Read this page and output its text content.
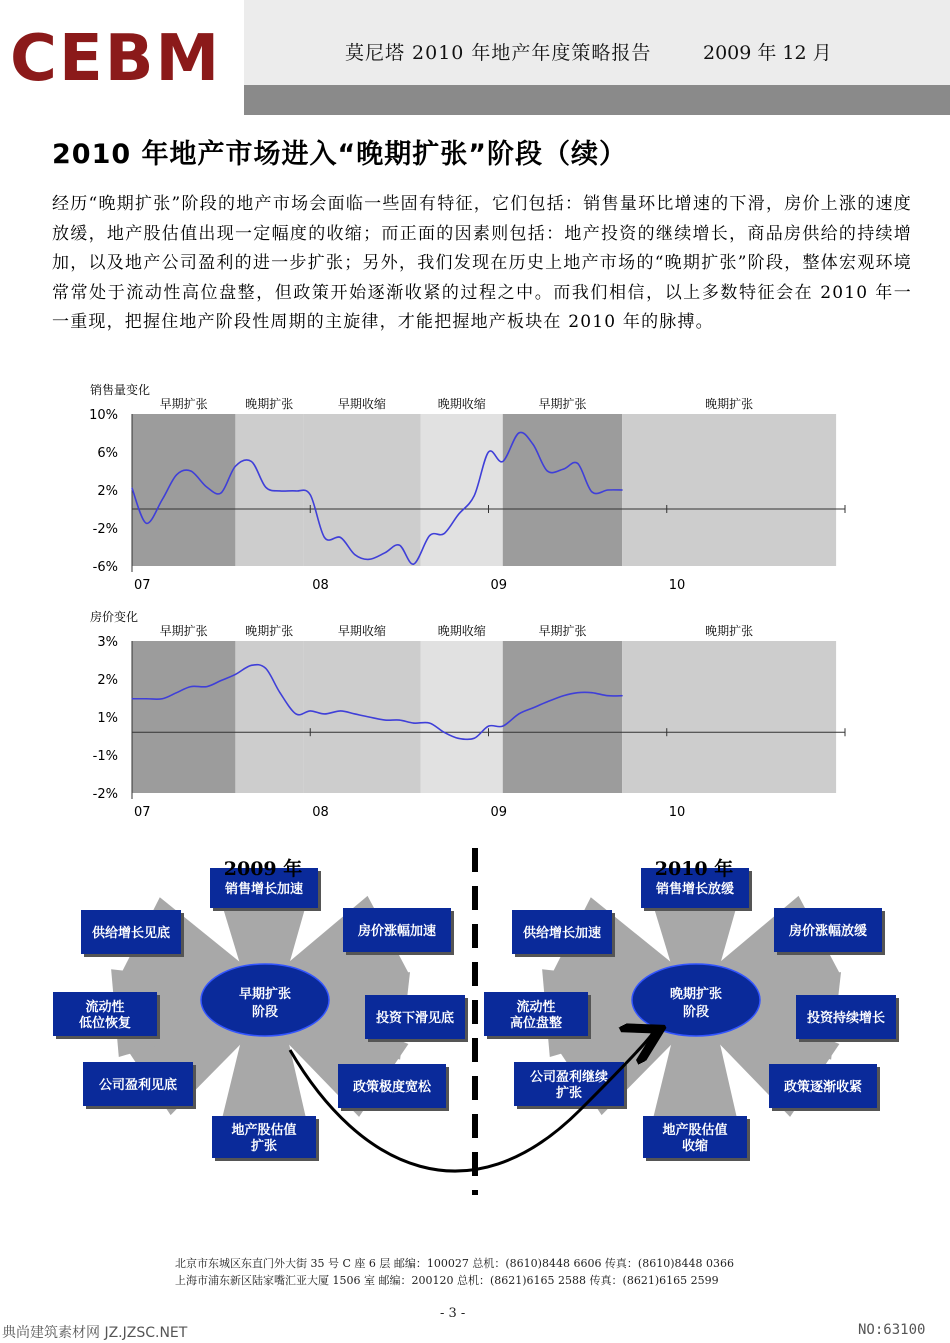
CEBM	莫尼塔 2010 年地产年度策略报告	2009 年 12 月
2010 年地产市场进入“晚期扩张”阶段（续）

经历“晚期扩张”阶段的地产市场会面临一些固有特征，它们包括：销售量环比增速的下滑，房价上涨的速度放缓，地产股估值出现一定幅度的收缩；而正面的因素则包括：地产投资的继续增长，商品房供给的持续增加，以及地产公司盈利的进一步扩张；另外，我们发现在历史上地产市场的“晚期扩张”阶段，整体宏观环境常常处于流动性高位盘整，但政策开始逐渐收紧的过程之中。而我们相信，以上多数特征会在 2010 年一一重现，把握住地产阶段性周期的主旋律，才能把握地产板块在 2010 年的脉搏。

销售量变化
早期扩张	晚期扩张	早期收缩	晚期收缩	早期扩张	晚期扩张
10%
6%
2%
-2%
-6%
07	08	09	10
房价变化
早期扩张	晚期扩张	早期收缩	晚期收缩	早期扩张	晚期扩张
3%
2%
1%
-1%
-2%
07	08	09	10
销售增长加速
房价涨幅加速
投资下滑见底
政策极度宽松
地产股估值
扩张
公司盈利见底
流动性
低位恢复
供给增长见底
早期扩张
阶段
2009 年
销售增长放缓
房价涨幅放缓
投资持续增长
政策逐渐收紧
地产股估值
收缩
公司盈利继续
扩张
流动性
高位盘整
供给增长加速
晚期扩张
阶段
2010 年
北京市东城区东直门外大街 35 号 C 座 6 层 邮编：100027 总机：(8610)8448 6606 传真：(8610)8448 0366
上海市浦东新区陆家嘴汇亚大厦 1506 室 邮编：200120 总机：(8621)6165 2588 传真：(8621)6165 2599
- 3 -
典尚建筑素材网 JZ.JZSC.NET	NO:63100
